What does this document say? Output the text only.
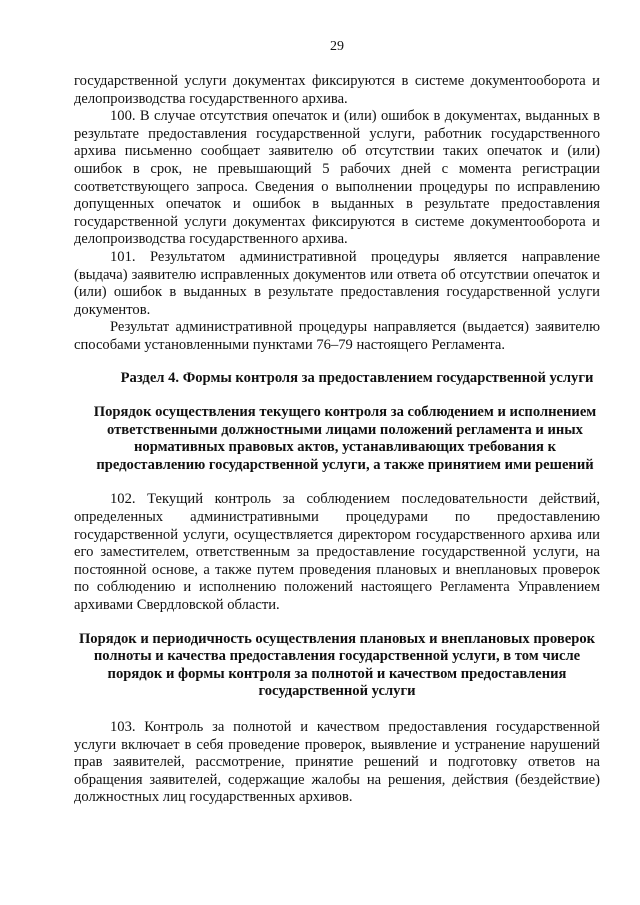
29

государственной услуги документах фиксируются в системе документооборота и делопроизводства государственного архива.

100. В случае отсутствия опечаток и (или) ошибок в документах, выданных в результате предоставления государственной услуги, работник государственного архива письменно сообщает заявителю об отсутствии таких опечаток и (или) ошибок в срок, не превышающий 5 рабочих дней с момента регистрации соответствующего запроса. Сведения о выполнении процедуры по исправлению допущенных опечаток и ошибок в выданных в результате предоставления государственной услуги документах фиксируются в системе документооборота и делопроизводства государственного архива.

101. Результатом административной процедуры является направление (выдача) заявителю исправленных документов или ответа об отсутствии опечаток и (или) ошибок в выданных в результате предоставления государственной услуги документов.

Результат административной процедуры направляется (выдается) заявителю способами установленными пунктами 76–79 настоящего Регламента.

Раздел 4. Формы контроля за предоставлением государственной услуги
Порядок осуществления текущего контроля за соблюдением и исполнением ответственными должностными лицами положений регламента и иных нормативных правовых актов, устанавливающих требования к предоставлению государственной услуги, а также принятием ими решений

102. Текущий контроль за соблюдением последовательности действий, определенных административными процедурами по предоставлению государственной услуги, осуществляется директором государственного архива или его заместителем, ответственным за предоставление государственной услуги, на постоянной основе, а также путем проведения плановых и внеплановых проверок по соблюдению и исполнению положений настоящего Регламента Управлением архивами Свердловской области.

Порядок и периодичность осуществления плановых и внеплановых проверок полноты и качества предоставления государственной услуги, в том числе порядок и формы контроля за полнотой и качеством предоставления государственной услуги

103. Контроль за полнотой и качеством предоставления государственной услуги включает в себя проведение проверок, выявление и устранение нарушений прав заявителей, рассмотрение, принятие решений и подготовку ответов на обращения заявителей, содержащие жалобы на решения, действия (бездействие) должностных лиц государственных архивов.
